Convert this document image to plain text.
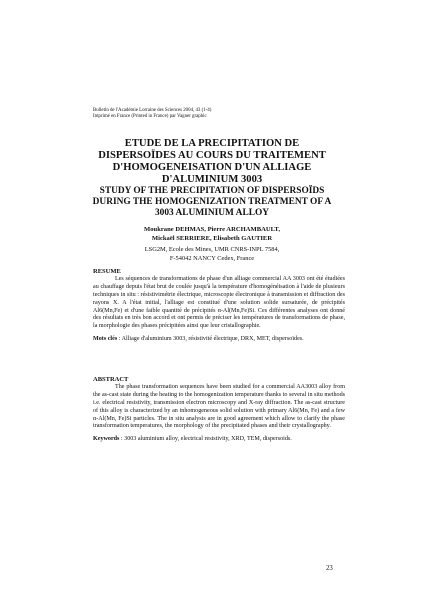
Bulletin de l'Académie Lorraine des Sciences 2004, 43 (1-4)
Imprimé en France (Printed in France) par Vagner graphic
ETUDE DE LA PRECIPITATION DE
DISPERSOÏDES AU COURS DU TRAITEMENT
D'HOMOGENEISATION D'UN ALLIAGE
D'ALUMINIUM 3003
STUDY OF THE PRECIPITATION OF DISPERSOÏDS
DURING THE HOMOGENIZATION TREATMENT OF A
3003 ALUMINIUM ALLOY
Moukrane DEHMAS, Pierre ARCHAMBAULT,
Mickaël SERRIERE, Elisabeth GAUTIER
LSG2M, Ecole des Mines, UMR CNRS-INPL 7584,
F-54042 NANCY Cedex, France
RESUME
Les séquences de transformations de phase d'un alliage commercial AA 3003 ont été étudiées au chauffage depuis l'état brut de coulée jusqu'à la température d'homogénéisation à l'aide de plusieurs techniques in situ : résistivimétrie électrique, microscopie électronique à transmission et diffraction des rayons X. A l'état initial, l'alliage est constitué d'une solution solide sursaturée, de précipités Al6(Mn,Fe) et d'une faible quantité de précipités α-Al(Mn,Fe)Si. Ces différentes analyses ont donné des résultats en très bon accord et ont permis de préciser les températures de transformations de phase, la morphologie des phases précipitées ainsi que leur cristallographie.
Mots clés : Alliage d'aluminium 3003, résistivité électrique, DRX, MET, dispersoïdes.
ABSTRACT
The phase transformation sequences have been studied for a commercial AA3003 alloy from the as-cast state during the heating to the homogenization temperature thanks to several in situ methods i.e. electrical resistivity, transmission electron microscopy and X-ray diffraction. The as-cast structure of this alloy is characterized by an inhomogeneous solid solution with primary Al6(Mn, Fe) and a few α-Al(Mn, Fe)Si particles. The in situ analysis are in good agreement which allow to clarify the phase transformation temperatures, the morphology of the precipitated phases and their crystallography.
Keywords : 3003 aluminium alloy, electrical resistivity, XRD, TEM, dispersoids.
23
